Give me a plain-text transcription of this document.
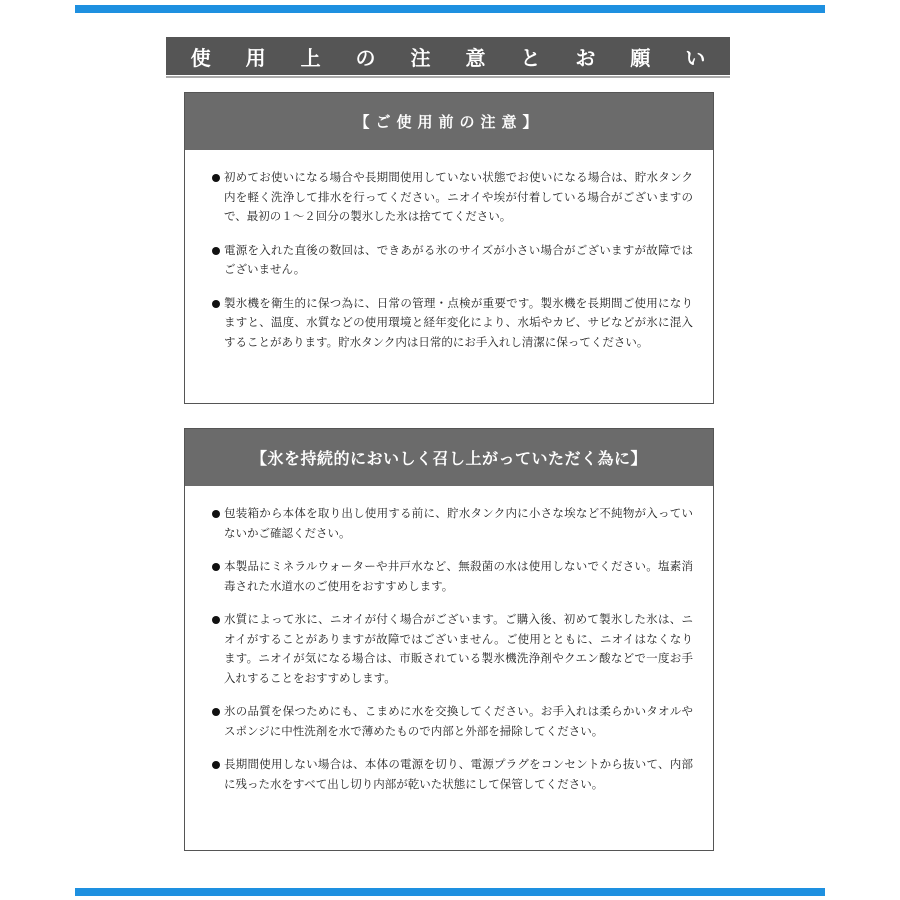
《 使 用 上 の 注 意 と お 願 い 》
【ご使用前の注意】
初めてお使いになる場合や長期間使用していない状態でお使いになる場合は、貯水タンク内を軽く洗浄して排水を行ってください。ニオイや埃が付着している場合がございますので、最初の１～２回分の製氷した氷は捨ててください。
電源を入れた直後の数回は、できあがる氷のサイズが小さい場合がございますが故障ではございません。
製氷機を衛生的に保つ為に、日常の管理・点検が重要です。製氷機を長期間ご使用になりますと、温度、水質などの使用環境と経年変化により、水垢やカビ、サビなどが氷に混入することがあります。貯水タンク内は日常的にお手入れし清潔に保ってください。
【氷を持続的においしく召し上がっていただく為に】
包装箱から本体を取り出し使用する前に、貯水タンク内に小さな埃など不純物が入っていないかご確認ください。
本製品にミネラルウォーターや井戸水など、無殺菌の水は使用しないでください。塩素消毒された水道水のご使用をおすすめします。
水質によって氷に、ニオイが付く場合がございます。ご購入後、初めて製氷した氷は、ニオイがすることがありますが故障ではございません。ご使用とともに、ニオイはなくなります。ニオイが気になる場合は、市販されている製氷機洗浄剤やクエン酸などで一度お手入れすることをおすすめします。
氷の品質を保つためにも、こまめに水を交換してください。お手入れは柔らかいタオルやスポンジに中性洗剤を水で薄めたもので内部と外部を掃除してください。
長期間使用しない場合は、本体の電源を切り、電源プラグをコンセントから抜いて、内部に残った水をすべて出し切り内部が乾いた状態にして保管してください。
